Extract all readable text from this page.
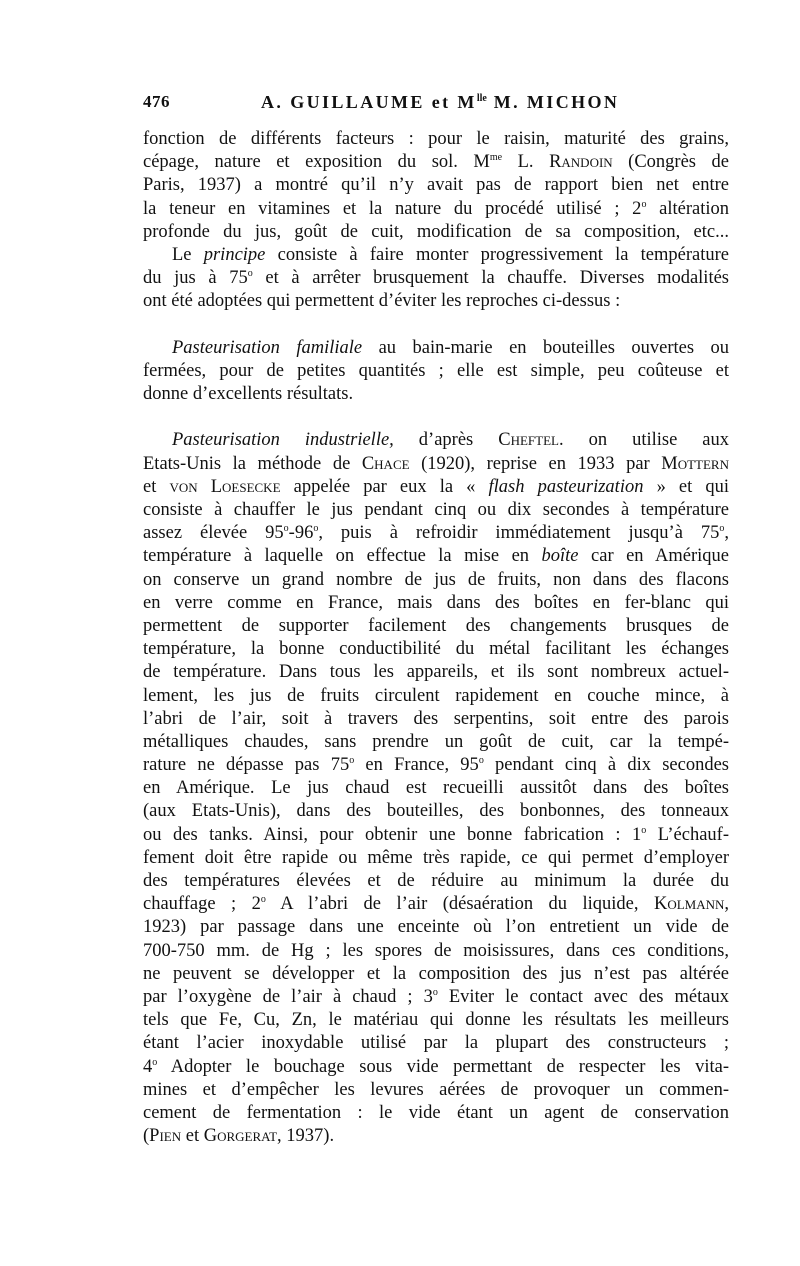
476	A. GUILLAUME et $M^{lle}$ M. MICHON
fonction de différents facteurs : pour le raisin, maturité des grains,
cépage, nature et exposition du sol. $M^{me}$ L. Randoin (Congrès de
Paris, 1937) a montré qu’il n’y avait pas de rapport bien net entre
la teneur en vitamines et la nature du procédé utilisé ; 2$^o$ altération
profonde du jus, goût de cuit, modification de sa composition, etc...
Le principe consiste à faire monter progressivement la température
du jus à 75$^o$ et à arrêter brusquement la chauffe. Diverses modalités
ont été adoptées qui permettent d’éviter les reproches ci-dessus :
Pasteurisation familiale au bain-marie en bouteilles ouvertes ou
fermées, pour de petites quantités ; elle est simple, peu coûteuse et
donne d’excellents résultats.
Pasteurisation industrielle, d’après Cheftel. on utilise aux
Etats-Unis la méthode de Chace (1920), reprise en 1933 par Mottern
et von Loesecke appelée par eux la « flash pasteurization » et qui
consiste à chauffer le jus pendant cinq ou dix secondes à température
assez élevée 95$^o$-96$^o$, puis à refroidir immédiatement jusqu’à 75$^o$,
température à laquelle on effectue la mise en boîte car en Amérique
on conserve un grand nombre de jus de fruits, non dans des flacons
en verre comme en France, mais dans des boîtes en fer-blanc qui
permettent de supporter facilement des changements brusques de
température, la bonne conductibilité du métal facilitant les échanges
de température. Dans tous les appareils, et ils sont nombreux actuel-
lement, les jus de fruits circulent rapidement en couche mince, à
l’abri de l’air, soit à travers des serpentins, soit entre des parois
métalliques chaudes, sans prendre un goût de cuit, car la tempé-
rature ne dépasse pas 75$^o$ en France, 95$^o$ pendant cinq à dix secondes
en Amérique. Le jus chaud est recueilli aussitôt dans des boîtes
(aux Etats-Unis), dans des bouteilles, des bonbonnes, des tonneaux
ou des tanks. Ainsi, pour obtenir une bonne fabrication : 1$^o$ L’échauf-
fement doit être rapide ou même très rapide, ce qui permet d’employer
des températures élevées et de réduire au minimum la durée du
chauffage ; 2$^o$ A l’abri de l’air (désaération du liquide, Kolmann,
1923) par passage dans une enceinte où l’on entretient un vide de
700-750 mm. de Hg ; les spores de moisissures, dans ces conditions,
ne peuvent se développer et la composition des jus n’est pas altérée
par l’oxygène de l’air à chaud ; 3$^o$ Eviter le contact avec des métaux
tels que Fe, Cu, Zn, le matériau qui donne les résultats les meilleurs
étant l’acier inoxydable utilisé par la plupart des constructeurs ;
4$^o$ Adopter le bouchage sous vide permettant de respecter les vita-
mines et d’empêcher les levures aérées de provoquer un commen-
cement de fermentation : le vide étant un agent de conservation
(Pien et Gorgerat, 1937).
